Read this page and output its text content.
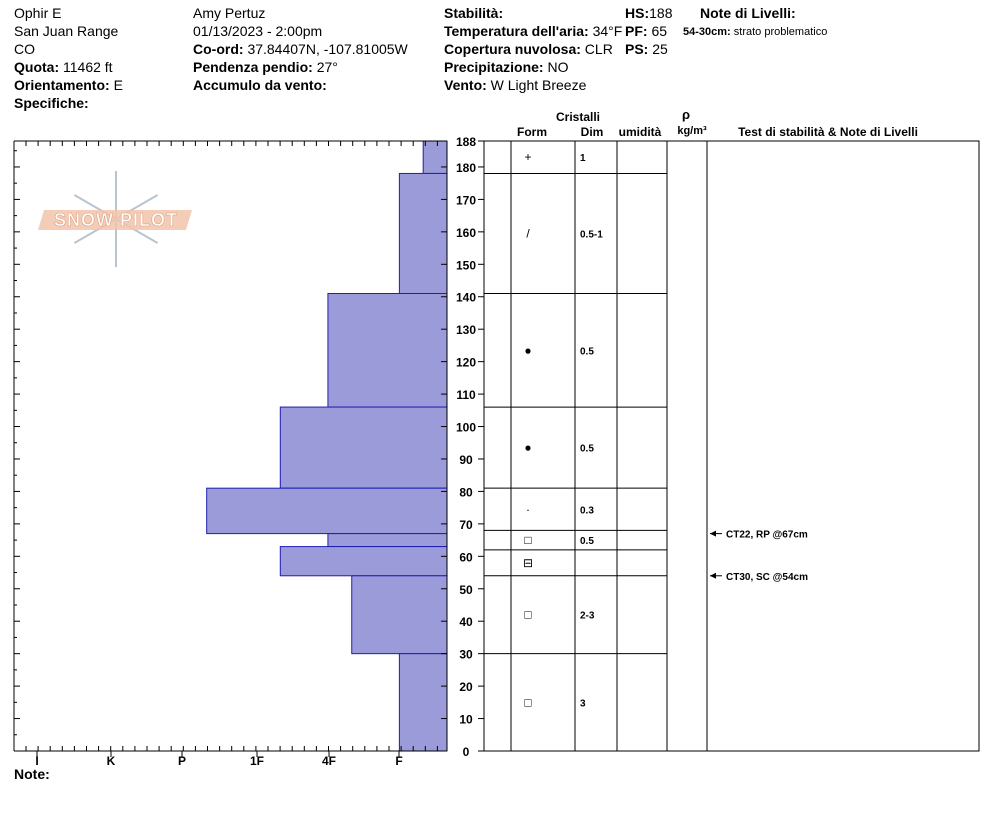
Ophir E
San Juan Range
CO
Quota: 11462 ft
Orientamento: E
Specifiche:
Amy Pertuz
01/13/2023 - 2:00pm
Co-ord: 37.84407N, -107.81005W
Pendenza pendio: 27°
Accumulo da vento:
Stabilità:
Temperatura dell'aria: 34°F
Copertura nuvolosa: CLR
Precipitazione: NO
Vento: W Light Breeze
HS:188
PF: 65
PS: 25
Note di Livelli:
54-30cm: strato problematico
Note:
SNOW PILOT
I	K	P	1F	4F	F
0
10
20
30
40
50
60
70
80
90
100
110
120
130
140
150
160
170
180
188
+	1
/	0.5-1
●	0.5
●	0.5
·	0.3
□	0.5
⊟
□	2-3
□	3
CT22, RP @67cm
CT30, SC @54cm
Cristalli
Form	Dim umidità
ρ
kg/m³	Test di stabilità & Note di Livelli
